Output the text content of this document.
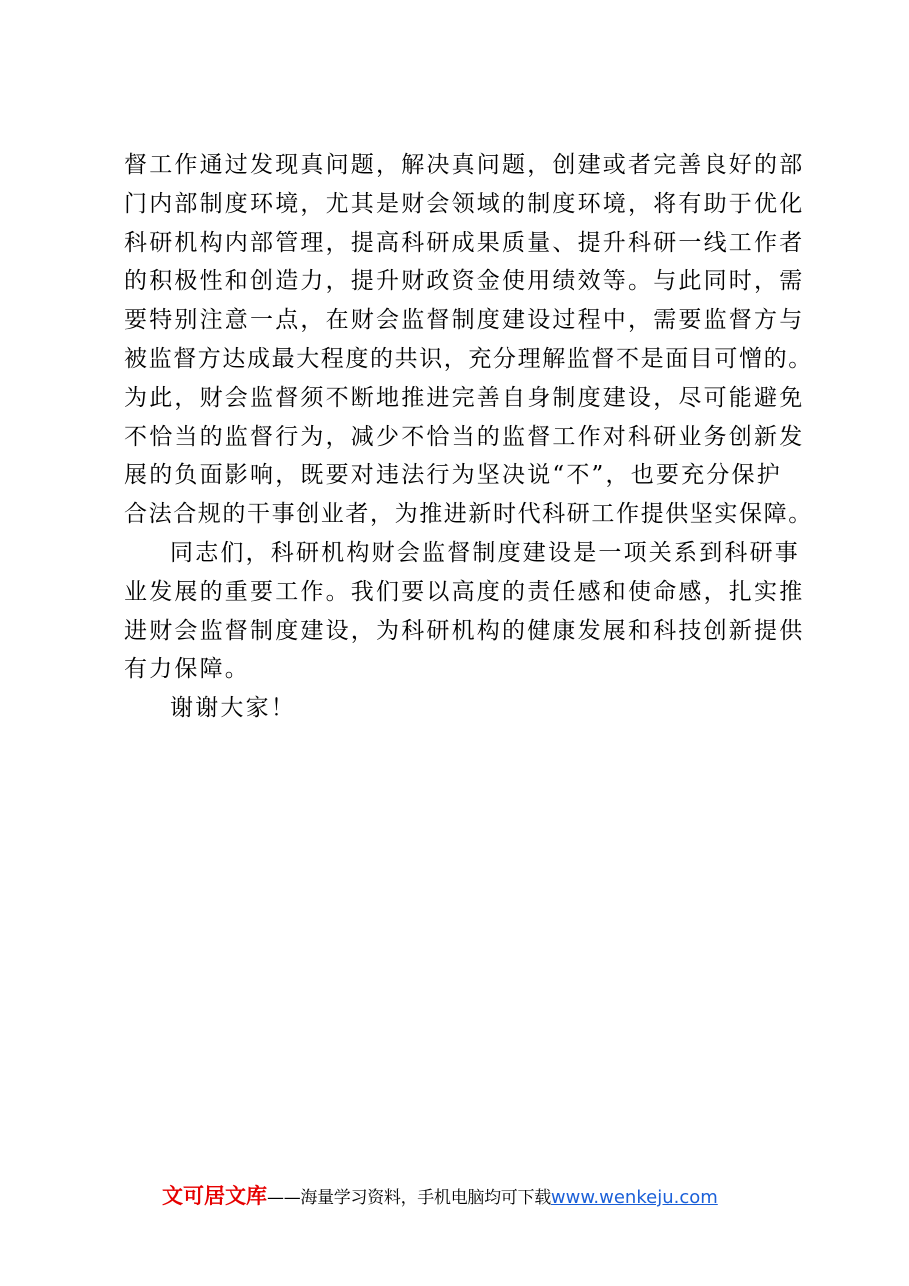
督工作通过发现真问题，解决真问题，创建或者完善良好的部
门内部制度环境，尤其是财会领域的制度环境，将有助于优化
科研机构内部管理，提高科研成果质量、提升科研一线工作者
的积极性和创造力，提升财政资金使用绩效等。与此同时，需
要特别注意一点，在财会监督制度建设过程中，需要监督方与
被监督方达成最大程度的共识，充分理解监督不是面目可憎的。
为此，财会监督须不断地推进完善自身制度建设，尽可能避免
不恰当的监督行为，减少不恰当的监督工作对科研业务创新发
展的负面影响，既要对违法行为坚决说“不”，也要充分保护
合法合规的干事创业者，为推进新时代科研工作提供坚实保障。
同志们，科研机构财会监督制度建设是一项关系到科研事
业发展的重要工作。我们要以高度的责任感和使命感，扎实推
进财会监督制度建设，为科研机构的健康发展和科技创新提供
有力保障。
谢谢大家！
文可居文库——海量学习资料，手机电脑均可下载www.wenkeju.com
